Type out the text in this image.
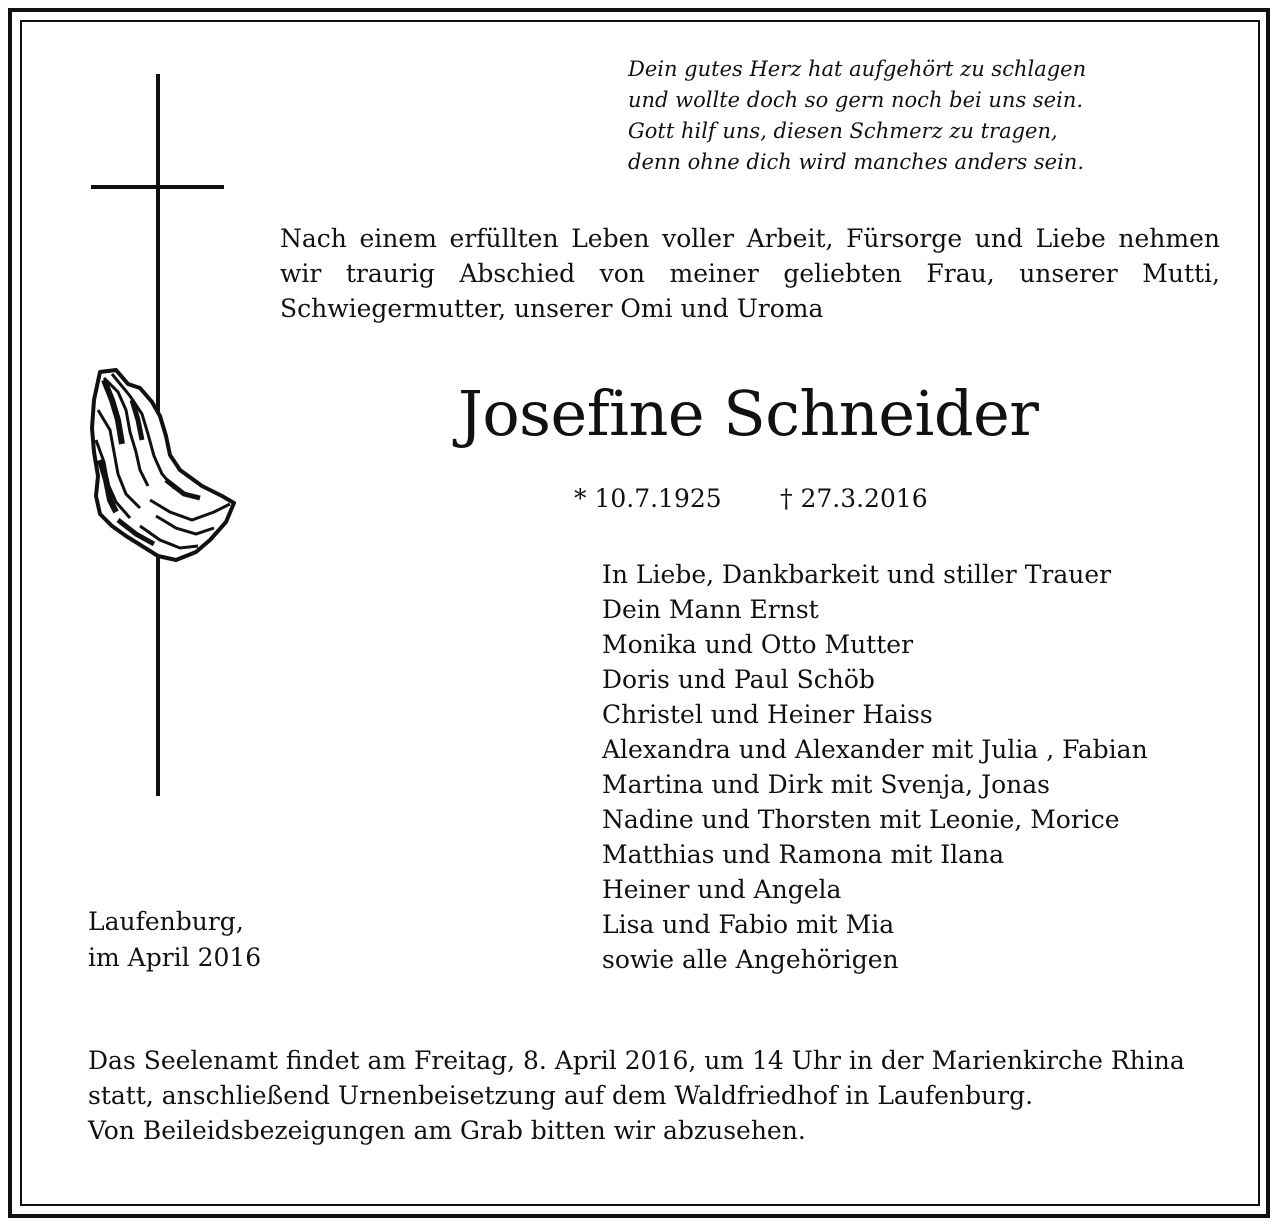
Dein gutes Herz hat aufgehört zu schlagen
und wollte doch so gern noch bei uns sein.
Gott hilf uns, diesen Schmerz zu tragen,
denn ohne dich wird manches anders sein.
Nach einem erfüllten Leben voller Arbeit, Fürsorge und Liebe nehmen wir traurig Abschied von meiner geliebten Frau, unserer Mutti, Schwiegermutter, unserer Omi und Uroma
Josefine Schneider
* 10.7.1925 † 27.3.2016
In Liebe, Dankbarkeit und stiller Trauer
Dein Mann Ernst
Monika und Otto Mutter
Doris und Paul Schöb
Christel und Heiner Haiss
Alexandra und Alexander mit Julia , Fabian
Martina und Dirk mit Svenja, Jonas
Nadine und Thorsten mit Leonie, Morice
Matthias und Ramona mit Ilana
Heiner und Angela
Lisa und Fabio mit Mia
sowie alle Angehörigen
Laufenburg,
im April 2016
Das Seelenamt findet am Freitag, 8. April 2016, um 14 Uhr in der Marienkirche Rhina
statt, anschließend Urnenbeisetzung auf dem Waldfriedhof in Laufenburg.
Von Beileidsbezeigungen am Grab bitten wir abzusehen.
